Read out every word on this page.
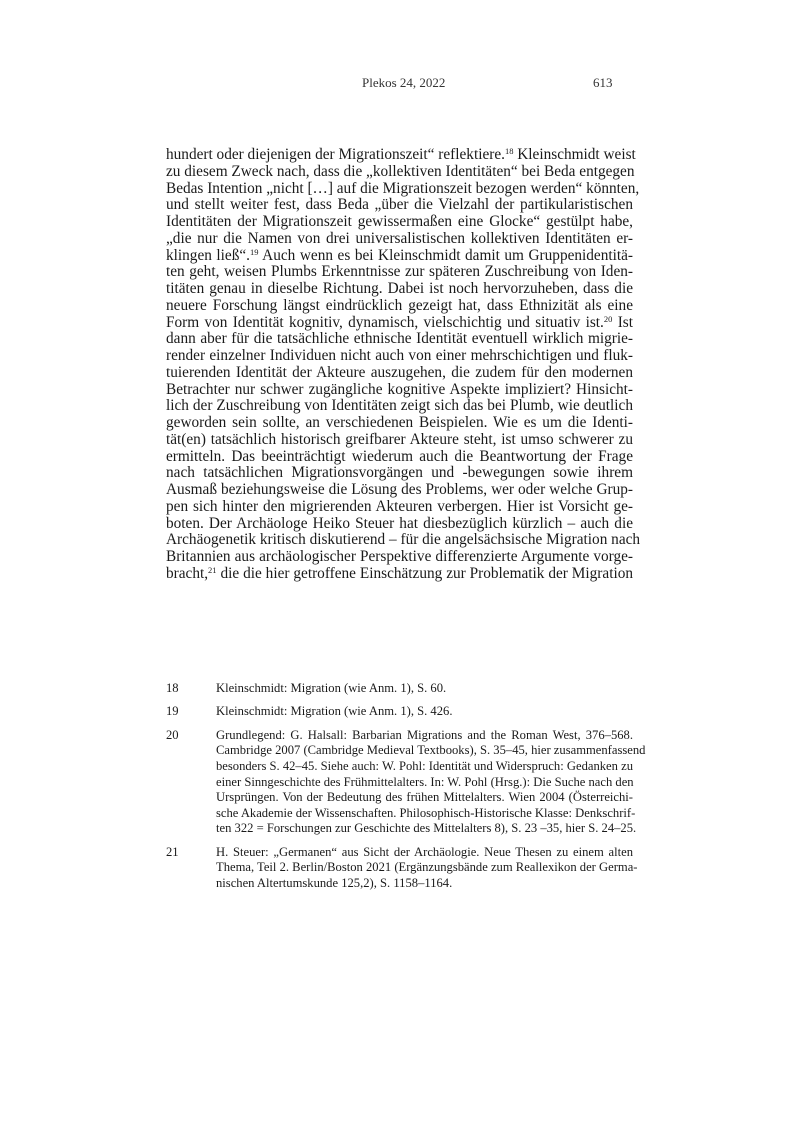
Plekos 24, 2022	613
hundert oder diejenigen der Migrationszeit“ reflektiere.$^{18}$ Kleinschmidt weist
zu diesem Zweck nach, dass die „kollektiven Identitäten“ bei Beda entgegen
Bedas Intention „nicht […] auf die Migrationszeit bezogen werden“ könnten,
und stellt weiter fest, dass Beda „über die Vielzahl der partikularistischen
Identitäten der Migrationszeit gewissermaßen eine Glocke“ gestülpt habe,
„die nur die Namen von drei universalistischen kollektiven Identitäten er-
klingen ließ“.$^{19}$ Auch wenn es bei Kleinschmidt damit um Gruppenidentitä-
ten geht, weisen Plumbs Erkenntnisse zur späteren Zuschreibung von Iden-
titäten genau in dieselbe Richtung. Dabei ist noch hervorzuheben, dass die
neuere Forschung längst eindrücklich gezeigt hat, dass Ethnizität als eine
Form von Identität kognitiv, dynamisch, vielschichtig und situativ ist.$^{20}$ Ist
dann aber für die tatsächliche ethnische Identität eventuell wirklich migrie-
render einzelner Individuen nicht auch von einer mehrschichtigen und fluk-
tuierenden Identität der Akteure auszugehen, die zudem für den modernen
Betrachter nur schwer zugängliche kognitive Aspekte impliziert? Hinsicht-
lich der Zuschreibung von Identitäten zeigt sich das bei Plumb, wie deutlich
geworden sein sollte, an verschiedenen Beispielen. Wie es um die Identi-
tät(en) tatsächlich historisch greifbarer Akteure steht, ist umso schwerer zu
ermitteln. Das beeinträchtigt wiederum auch die Beantwortung der Frage
nach tatsächlichen Migrationsvorgängen und -bewegungen sowie ihrem
Ausmaß beziehungsweise die Lösung des Problems, wer oder welche Grup-
pen sich hinter den migrierenden Akteuren verbergen. Hier ist Vorsicht ge-
boten. Der Archäologe Heiko Steuer hat diesbezüglich kürzlich – auch die
Archäogenetik kritisch diskutierend – für die angelsächsische Migration nach
Britannien aus archäologischer Perspektive differenzierte Argumente vorge-
bracht,$^{21}$ die die hier getroffene Einschätzung zur Problematik der Migration
18	Kleinschmidt: Migration (wie Anm. 1), S. 60.
19	Kleinschmidt: Migration (wie Anm. 1), S. 426.
20	Grundlegend: G. Halsall: Barbarian Migrations and the Roman West, 376–568.
Cambridge 2007 (Cambridge Medieval Textbooks), S. 35–45, hier zusammenfassend
besonders S. 42–45. Siehe auch: W. Pohl: Identität und Widerspruch: Gedanken zu
einer Sinngeschichte des Frühmittelalters. In: W. Pohl (Hrsg.): Die Suche nach den
Ursprüngen. Von der Bedeutung des frühen Mittelalters. Wien 2004 (Österreichi-
sche Akademie der Wissenschaften. Philosophisch-Historische Klasse: Denkschrif-
ten 322 = Forschungen zur Geschichte des Mittelalters 8), S. 23 –35, hier S. 24–25.
21	H. Steuer: „Germanen“ aus Sicht der Archäologie. Neue Thesen zu einem alten
Thema, Teil 2. Berlin/Boston 2021 (Ergänzungsbände zum Reallexikon der Germa-
nischen Altertumskunde 125,2), S. 1158–1164.
